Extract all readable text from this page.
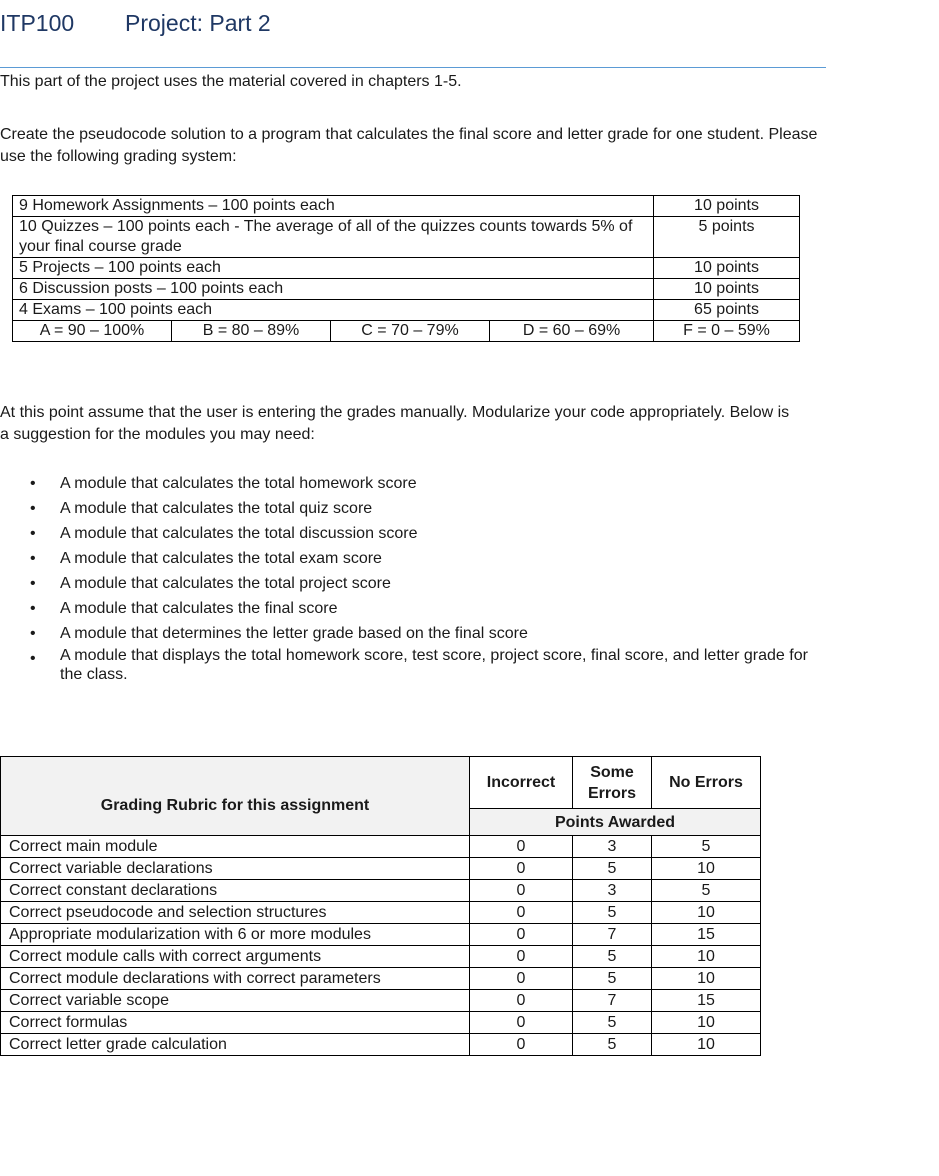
ITP100 Project: Part 2
This part of the project uses the material covered in chapters 1-5.
Create the pseudocode solution to a program that calculates the final score and letter grade for one student. Please use the following grading system:
9 Homework Assignments – 100 points each				10 points
10 Quizzes – 100 points each - The average of all of the quizzes counts towards 5% of your final course grade				5 points
5 Projects – 100 points each				10 points
6 Discussion posts – 100 points each				10 points
4 Exams – 100 points each				65 points
A = 90 – 100%	B = 80 – 89%	C = 70 – 79%	D = 60 – 69%	F = 0 – 59%
At this point assume that the user is entering the grades manually. Modularize your code appropriately. Below is a suggestion for the modules you may need:
• A module that calculates the total homework score
• A module that calculates the total quiz score
• A module that calculates the total discussion score
• A module that calculates the total exam score
• A module that calculates the total project score
• A module that calculates the final score
• A module that determines the letter grade based on the final score
• A module that displays the total homework score, test score, project score, final score, and letter grade for the class.
Grading Rubric for this assignment	Incorrect	Some Errors	No Errors
	Points Awarded		
Correct main module	0	3	5
Correct variable declarations	0	5	10
Correct constant declarations	0	3	5
Correct pseudocode and selection structures	0	5	10
Appropriate modularization with 6 or more modules	0	7	15
Correct module calls with correct arguments	0	5	10
Correct module declarations with correct parameters	0	5	10
Correct variable scope	0	7	15
Correct formulas	0	5	10
Correct letter grade calculation	0	5	10
